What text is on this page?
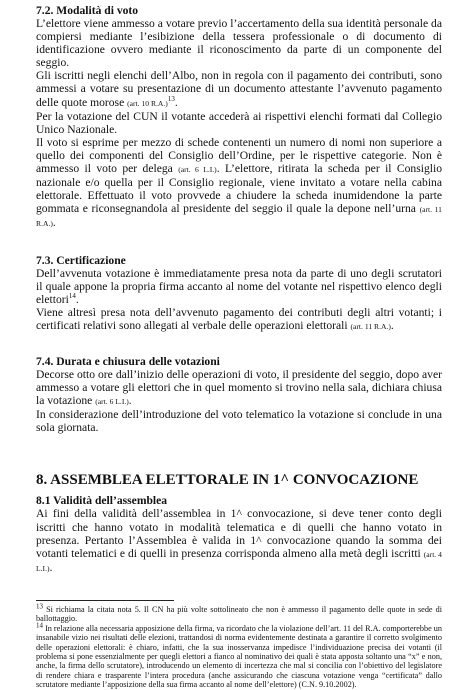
7.2. Modalità di voto

L’elettore viene ammesso a votare previo l’accertamento della sua identità personale da compiersi mediante l’esibizione della tessera professionale o di documento di identificazione ovvero mediante il riconoscimento da parte di un componente del seggio.

Gli iscritti negli elenchi dell’Albo, non in regola con il pagamento dei contributi, sono ammessi a votare su presentazione di un documento attestante l’avvenuto pagamento delle quote morose (art. 10 R.A.)$^{13}$.

Per la votazione del CUN il votante accederà ai rispettivi elenchi formati dal Collegio Unico Nazionale.

Il voto si esprime per mezzo di schede contenenti un numero di nomi non superiore a quello dei componenti del Consiglio dell’Ordine, per le rispettive categorie. Non è ammesso il voto per delega (art. 6 L.I.). L’elettore, ritirata la scheda per il Consiglio nazionale e/o quella per il Consiglio regionale, viene invitato a votare nella cabina elettorale. Effettuato il voto provvede a chiudere la scheda inumidendone la parte gommata e riconsegnandola al presidente del seggio il quale la depone nell’urna (art. 11 R.A.).

7.3. Certificazione

Dell’avvenuta votazione è immediatamente presa nota da parte di uno degli scrutatori il quale appone la propria firma accanto al nome del votante nel rispettivo elenco degli elettori$^{14}$.

Viene altresì presa nota dell’avvenuto pagamento dei contributi degli altri votanti; i certificati relativi sono allegati al verbale delle operazioni elettorali (art. 11 R.A.).

7.4. Durata e chiusura delle votazioni

Decorse otto ore dall’inizio delle operazioni di voto, il presidente del seggio, dopo aver ammesso a votare gli elettori che in quel momento si trovino nella sala, dichiara chiusa la votazione (art. 6 L.I.).

In considerazione dell’introduzione del voto telematico la votazione si conclude in una sola giornata.

8. ASSEMBLEA ELETTORALE IN 1^ CONVOCAZIONE
8.1 Validità dell’assemblea

Ai fini della validità dell’assemblea in 1^ convocazione, si deve tener conto degli iscritti che hanno votato in modalità telematica e di quelli che hanno votato in presenza. Pertanto l’Assemblea è valida in 1^ convocazione quando la somma dei votanti telematici e di quelli in presenza corrisponda almeno alla metà degli iscritti (art. 4 L.I.).

$^{13}$ Si richiama la citata nota 5. Il CN ha più volte sottolineato che non è ammesso il pagamento delle quote in sede di ballottaggio.

$^{14}$ In relazione alla necessaria apposizione della firma, va ricordato che la violazione dell’art. 11 del R.A. comporterebbe un insanabile vizio nei risultati delle elezioni, trattandosi di norma evidentemente destinata a garantire il corretto svolgimento delle operazioni elettorali: è chiaro, infatti, che la sua inosservanza impedisce l’individuazione precisa dei votanti (il problema si pone essenzialmente per quegli elettori a fianco al nominativo dei quali è stata apposta soltanto una “x” e non, anche, la firma dello scrutatore), introducendo un elemento di incertezza che mal si concilia con l’obiettivo del legislatore di rendere chiara e trasparente l’intera procedura (anche assicurando che ciascuna votazione venga “certificata” dallo scrutatore mediante l’apposizione della sua firma accanto al nome dell’elettore) (C.N. 9.10.2002).
